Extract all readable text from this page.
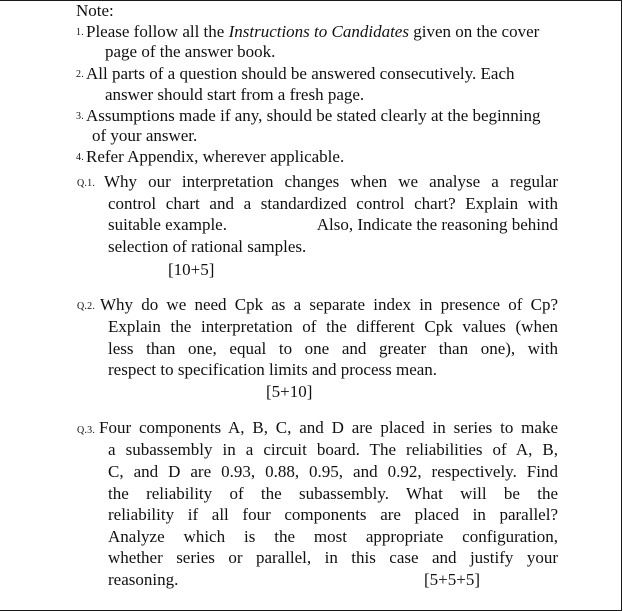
Note:
1. Please follow all the Instructions to Candidates given on the cover
page of the answer book.
2. All parts of a question should be answered consecutively. Each
answer should start from a fresh page.
3. Assumptions made if any, should be stated clearly at the beginning
of your answer.
4. Refer Appendix, wherever applicable.
Q.1. Why our interpretation changes when we analyse a regular
control chart and a standardized control chart? Explain with
suitable example.	Also, Indicate the reasoning behind
selection of rational samples.
[10+5]
Q.2. Why do we need Cpk as a separate index in presence of Cp?
Explain the interpretation of the different Cpk values (when
less than one, equal to one and greater than one), with
respect to specification limits and process mean.
[5+10]
Q.3. Four components A, B, C, and D are placed in series to make
a subassembly in a circuit board. The reliabilities of A, B,
C, and D are 0.93, 0.88, 0.95, and 0.92, respectively. Find
the reliability of the subassembly. What will be the
reliability if all four components are placed in parallel?
Analyze which is the most appropriate configuration,
whether series or parallel, in this case and justify your
reasoning.	[5+5+5]
